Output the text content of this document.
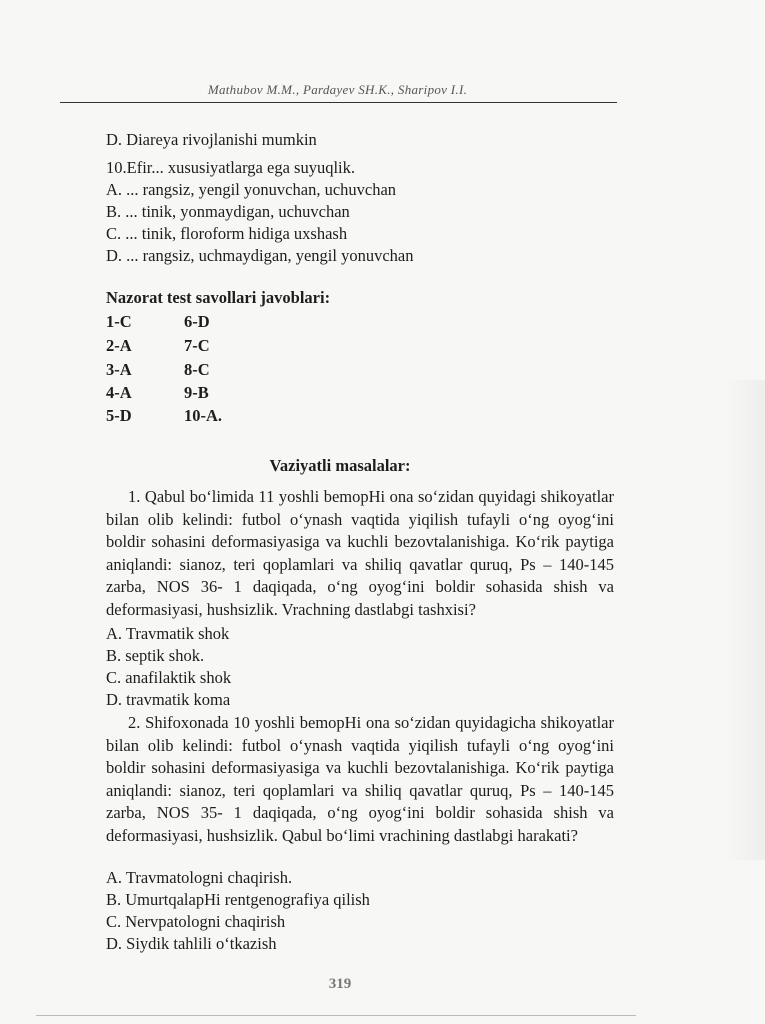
Mathubov M.M., Pardayev SH.K., Sharipov I.I.
D. Diareya rivojlanishi mumkin
10.Efir... xususiyatlarga ega suyuqlik.
A. ... rangsiz, yengil yonuvchan, uchuvchan
B. ... tinik, yonmaydigan, uchuvchan
C. ... tinik, floroform hidiga uxshash
D. ... rangsiz, uchmaydigan, yengil yonuvchan
Nazorat test savollari javoblari:
1-C	6-D
2-A	7-C
3-A	8-C
4-A	9-B
5-D	10-A.
Vaziyatli masalalar:
1. Qabul bo‘limida 11 yoshli bemopHi ona so‘zidan quyidagi shikoyatlar bilan olib kelindi: futbol o‘ynash vaqtida yiqilish tufayli o‘ng oyog‘ini boldir sohasini deformasiyasiga va kuchli bezovtalanishiga. Ko‘rik paytiga aniqlandi: sianoz, teri qoplamlari va shiliq qavatlar quruq, Ps – 140-145 zarba, NOS 36- 1 daqiqada, o‘ng oyog‘ini boldir sohasida shish va deformasiyasi, hushsizlik. Vrachning dastlabgi tashxisi?
A. Travmatik shok
B. septik shok.
C. anafilaktik shok
D. travmatik koma
2. Shifoxonada 10 yoshli bemopHi ona so‘zidan quyidagicha shikoyatlar bilan olib kelindi: futbol o‘ynash vaqtida yiqilish tufayli o‘ng oyog‘ini boldir sohasini deformasiyasiga va kuchli bezovtalanishiga. Ko‘rik paytiga aniqlandi: sianoz, teri qoplamlari va shiliq qavatlar quruq, Ps – 140-145 zarba, NOS 35- 1 daqiqada, o‘ng oyog‘ini boldir sohasida shish va deformasiyasi, hushsizlik. Qabul bo‘limi vrachining dastlabgi harakati?
A. Travmatologni chaqirish.
B. UmurtqalapHi rentgenografiya qilish
C. Nervpatologni chaqirish
D. Siydik tahlili o‘tkazish
319
